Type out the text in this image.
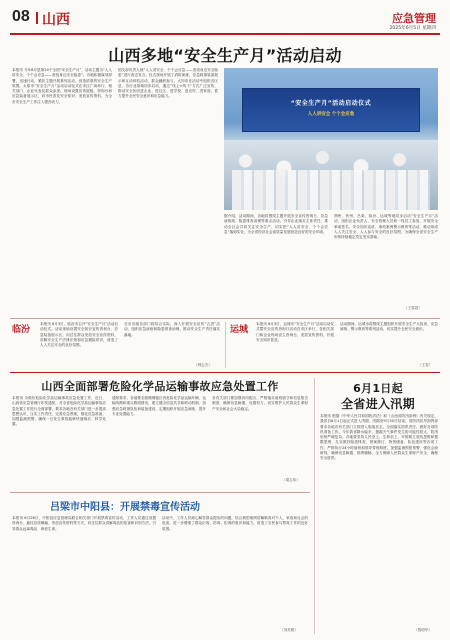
08 山西	应急管理
2025年6月5日 星期四
山西多地“安全生产月”活动启动
本报讯 今年6月是第24个全国“安全生产月”，活动主题为“人人讲安全、个个会应急——查找身边安全隐患”。各地积极谋划部署，迅速行动，紧扣主题开展系列活动，营造浓厚的安全生产氛围。太原市“安全生产月”活动启动仪式在市区广场举行，相关部门、企业代表及群众参加，现场设置宣传展板、咨询台和应急装备展示区，向市民普及安全知识，发放宣传资料，为全市安全生产工作注入强劲动力。
团支部负责人就“人人讲安全、个个会应急——查找身边安全隐患”进行表态发言。仪式现场开展了消防演练、应急救援装备展示和互动体验活动，群众踊跃参与。大同市在活动中组织各区县、各行业领域同步启动，通过“线上+线下”方式广泛宣传，推动安全知识进企业、进社区、进学校、进农村、进家庭，着力提升全民安全意识和应急能力。
“安全生产月”活动启动仪式
人人讲安全 个个会应急
据介绍，活动期间，各地将围绕主题开展安全宣传咨询日、应急演练周、隐患排查治理等重点活动，引导企业落实主体责任，推动全社会共同关注安全生产，切实把“人人讲安全、个个会应急”落到实处，为全省经济社会高质量发展营造良好的安全环境。
朔州、忻州、吕梁、临汾、运城等地同步启动“安全生产月”活动，组织企业负责人、安全管理人员和一线员工参加，开展安全承诺签名、安全知识宣讲、事故案例警示教育等活动，推动形成人人关注安全、人人参与安全的良好氛围，为确保全省安全生产形势持续稳定奠定坚实基础。
（王震超）
临汾
本报讯 6月3日，临汾市召开“安全生产月”活动启动仪式。活动现场设置安全知识宣传咨询台、应急装备展示区，向过往群众发放安全宣传资料，讲解安全生产法律法规和应急避险常识，营造了人人关注安全的良好氛围。
全市各级各部门将结合实际，深入开展安全宣传“五进”活动，组织应急演练和隐患排查治理，推动安全生产责任落实落地。
（韩志杰）
运城
本报讯 6月3日，运城市“安全生产月”活动启动仪式暨安全宣传咨询日活动在市区举行，各相关部门和企业现场设立咨询台，发放宣传资料，开展安全知识普及。
活动期间，运城市将围绕主题组织开展安全生产大检查、应急演练、警示教育等系列活动，切实提升全民安全意识。
（王智）
山西全面部署危险化学品运输事故应急处置工作
本报讯 为做好危险化学品运输事故应急处置工作，近日，山西省应急管理厅印发通知，对全省危险化学品运输事故应急处置工作进行全面部署，要求各地各有关部门进一步提高思想认识，压实工作责任，完善应急预案，强化应急准备，加强监测预警，确保一旦发生事故能够快速响应、科学处置。
通知要求，各地要全面梳理辖区内危险化学品运输车辆、运输线路和重点路段情况，建立健全信息共享和联动机制，加强应急救援队伍和装备建设，定期组织开展应急演练，提升专业处置能力。
各有关部门要加强协同配合，严格落实值班值守和信息报告制度，确保信息畅通、处置有力，切实维护人民群众生命财产安全和社会大局稳定。
（胡志伟）
吕梁市中阳县：开展禁毒宣传活动
本报讯 6月26日，中阳县应急管理局联合相关部门开展禁毒宣传活动，工作人员通过设置咨询台、悬挂宣传横幅、发放宣传资料等方式，向过往群众讲解毒品的危害和识别方法，引导群众远离毒品、珍爱生命。
活动中，工作人员耐心解答群众提出的问题，结合典型案例讲解吸毒对个人、家庭和社会的危害，进一步增强了群众识毒、防毒、拒毒的意识和能力，营造了全民参与禁毒工作的良好氛围。
（刘美雅）
6月1日起
全省进入汛期
本报讯 根据《中华人民共和国防洪法》和《山西省防汛条例》有关规定，我省自6月1日起正式进入汛期，汛期至9月30日结束。省防汛抗旱指挥部要求各地各有关部门立即进入临战状态，全面落实防汛责任，做好各项防汛准备工作。今年我省降水偏多、极端天气事件发生的可能性较大，防汛形势严峻复杂。各地要坚持人民至上、生命至上，牢固树立底线思维和极限思维，扎实做好隐患排查、预案修订、物资储备、队伍建设等各项工作，严格执行24小时值班和领导带班制度，加强监测预报预警，强化会商研判，确保信息畅通、指挥顺畅，全力保障人民群众生命财产安全，确保安全度汛。
（殷明华）
